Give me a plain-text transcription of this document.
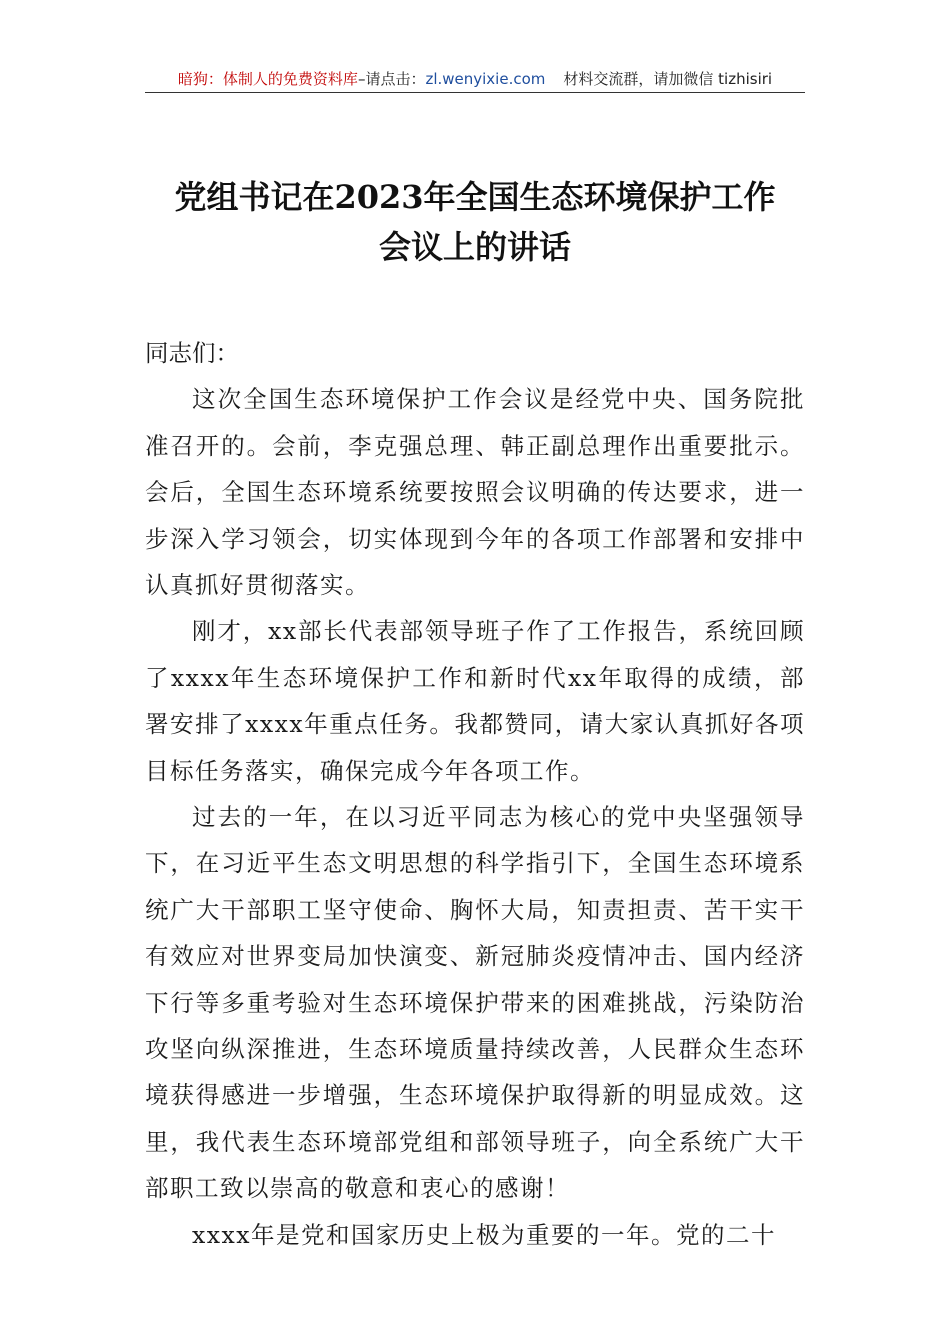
暗狗：体制人的免费资料库–请点击：zl.wenyixie.com 材料交流群，请加微信 tizhisiri
党组书记在2023年全国生态环境保护工作
会议上的讲话

同志们：

这次全国生态环境保护工作会议是经党中央、国务院批准召开的。会前，李克强总理、韩正副总理作出重要批示。会后，全国生态环境系统要按照会议明确的传达要求，进一步深入学习领会，切实体现到今年的各项工作部署和安排中认真抓好贯彻落实。

刚才，xx部长代表部领导班子作了工作报告，系统回顾了xxxx年生态环境保护工作和新时代xx年取得的成绩，部署安排了xxxx年重点任务。我都赞同，请大家认真抓好各项目标任务落实，确保完成今年各项工作。

过去的一年，在以习近平同志为核心的党中央坚强领导下，在习近平生态文明思想的科学指引下，全国生态环境系统广大干部职工坚守使命、胸怀大局，知责担责、苦干实干有效应对世界变局加快演变、新冠肺炎疫情冲击、国内经济下行等多重考验对生态环境保护带来的困难挑战，污染防治攻坚向纵深推进，生态环境质量持续改善，人民群众生态环境获得感进一步增强，生态环境保护取得新的明显成效。这里，我代表生态环境部党组和部领导班子，向全系统广大干部职工致以崇高的敬意和衷心的感谢！

xxxx年是党和国家历史上极为重要的一年。党的二十
